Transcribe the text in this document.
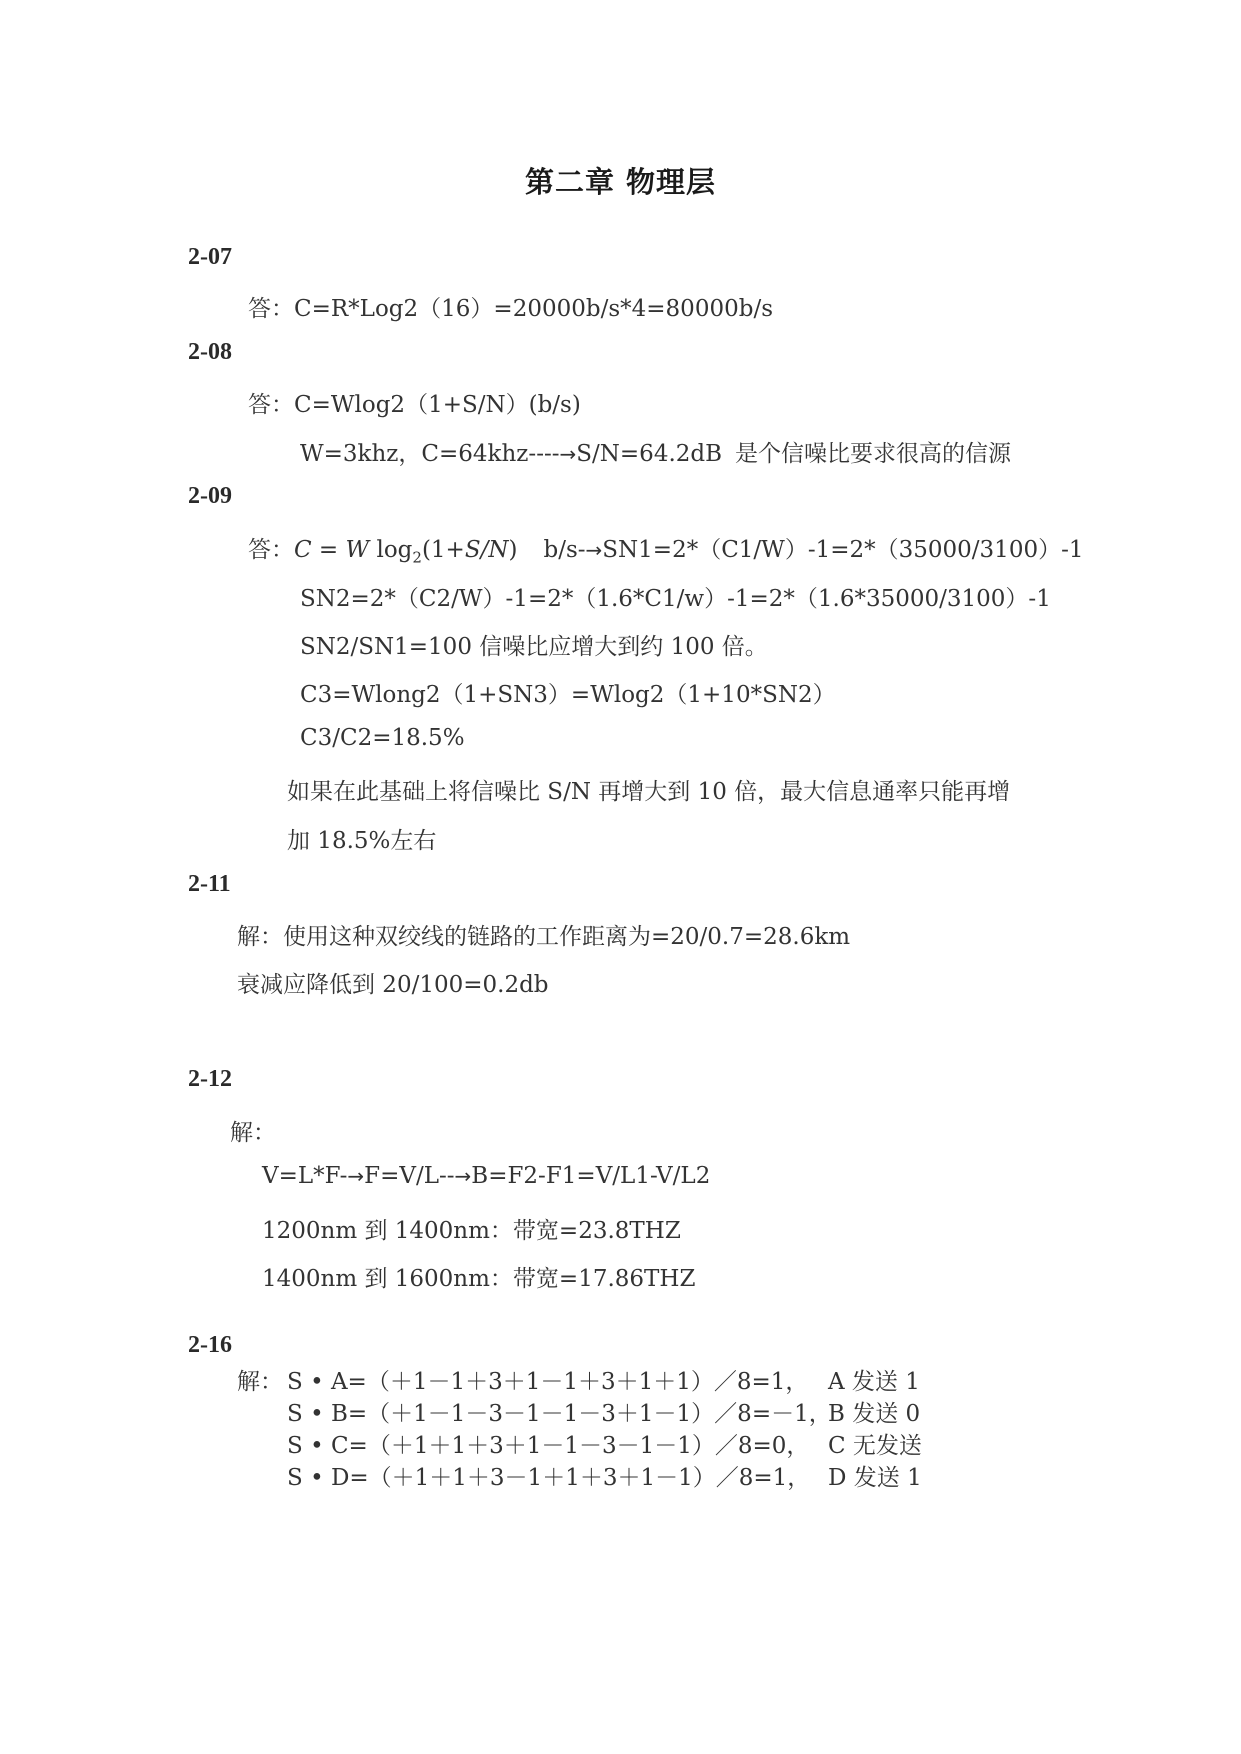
第二章 物理层
2-07
答：C=R*Log2（16）=20000b/s*4=80000b/s
2-08
答：C=Wlog2（1+S/N）(b/s)
W=3khz，C=64khz----→S/N=64.2dB 是个信噪比要求很高的信源
2-09
答：C = W $\log_2(1+S/N)$ b/s-→SN1=2*（C1/W）-1=2*（35000/3100）-1
SN2=2*（C2/W）-1=2*（1.6*C1/w）-1=2*（1.6*35000/3100）-1
SN2/SN1=100 信噪比应增大到约 100 倍。
C3=Wlong2（1+SN3）=Wlog2（1+10*SN2）
C3/C2=18.5%
如果在此基础上将信噪比 S/N 再增大到 10 倍，最大信息通率只能再增
加 18.5%左右
2-11
解：使用这种双绞线的链路的工作距离为=20/0.7=28.6km
衰减应降低到 20/100=0.2db
2-12
解：
V=L*F-→F=V/L--→B=F2-F1=V/L1-V/L2
1200nm 到 1400nm：带宽=23.8THZ
1400nm 到 1600nm：带宽=17.86THZ
2-16
解： S • A=（＋1－1＋3＋1－1＋3＋1＋1）／8=1， A 发送 1
S • B=（＋1－1－3－1－1－3＋1－1）／8=－1，
B 发送 0
S • C=（＋1＋1＋3＋1－1－3－1－1）／8=0， C 无发送
S • D=（＋1＋1＋3－1＋1＋3＋1－1）／8=1， D 发送 1
